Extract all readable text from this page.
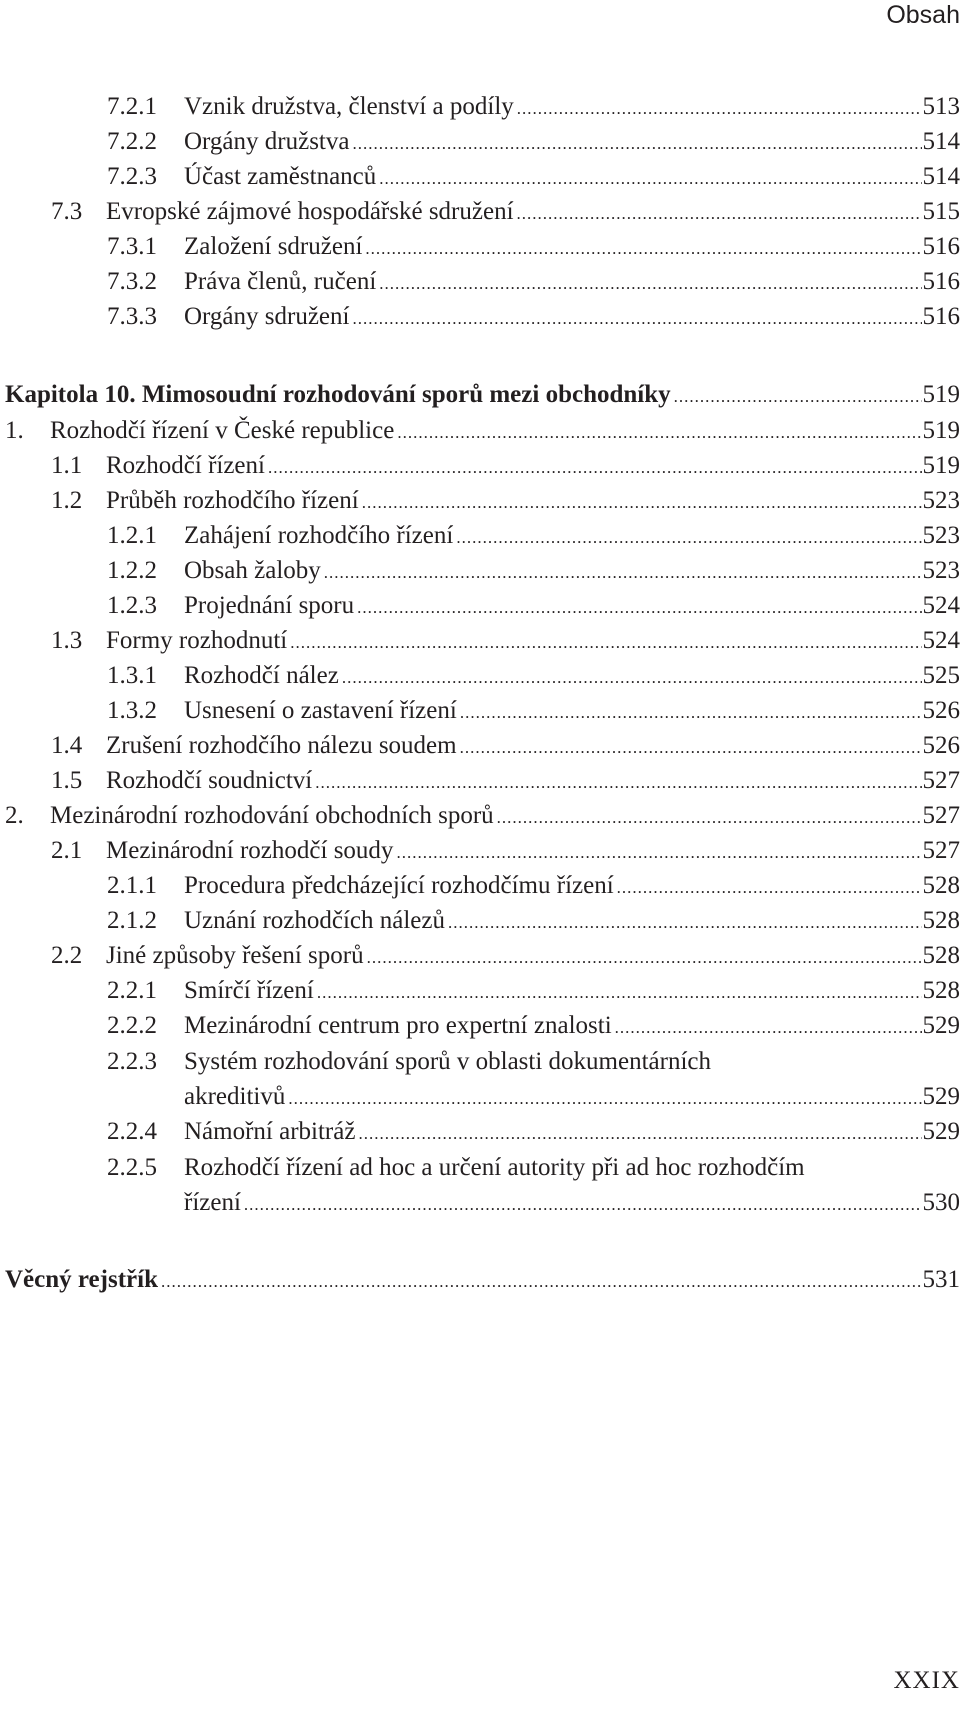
Obsah
7.2.1 Vznik družstva, členství a podíly .....	513
7.2.2 Orgány družstva .....	514
7.2.3 Účast zaměstnanců .....	514
7.3 Evropské zájmové hospodářské sdružení .....	515
7.3.1 Založení sdružení .....	516
7.3.2 Práva členů, ručení .....	516
7.3.3 Orgány sdružení .....	516
Kapitola 10. Mimosoudní rozhodování sporů mezi obchodníky .....	519
1. Rozhodčí řízení v České republice .....	519
1.1 Rozhodčí řízení .....	519
1.2 Průběh rozhodčího řízení .....	523
1.2.1 Zahájení rozhodčího řízení .....	523
1.2.2 Obsah žaloby .....	523
1.2.3 Projednání sporu .....	524
1.3 Formy rozhodnutí .....	524
1.3.1 Rozhodčí nález .....	525
1.3.2 Usnesení o zastavení řízení .....	526
1.4 Zrušení rozhodčího nálezu soudem .....	526
1.5 Rozhodčí soudnictví .....	527
2. Mezinárodní rozhodování obchodních sporů .....	527
2.1 Mezinárodní rozhodčí soudy .....	527
2.1.1 Procedura předcházející rozhodčímu řízení .....	528
2.1.2 Uznání rozhodčích nálezů .....	528
2.2 Jiné způsoby řešení sporů .....	528
2.2.1 Smírčí řízení .....	528
2.2.2 Mezinárodní centrum pro expertní znalosti .....	529
2.2.3 Systém rozhodování sporů v oblasti dokumentárních
akreditivů .....	529
2.2.4 Námořní arbitráž .....	529
2.2.5 Rozhodčí řízení ad hoc a určení autority při ad hoc rozhodčím
řízení .....	530
Věcný rejstřík .....	531
XXIX
